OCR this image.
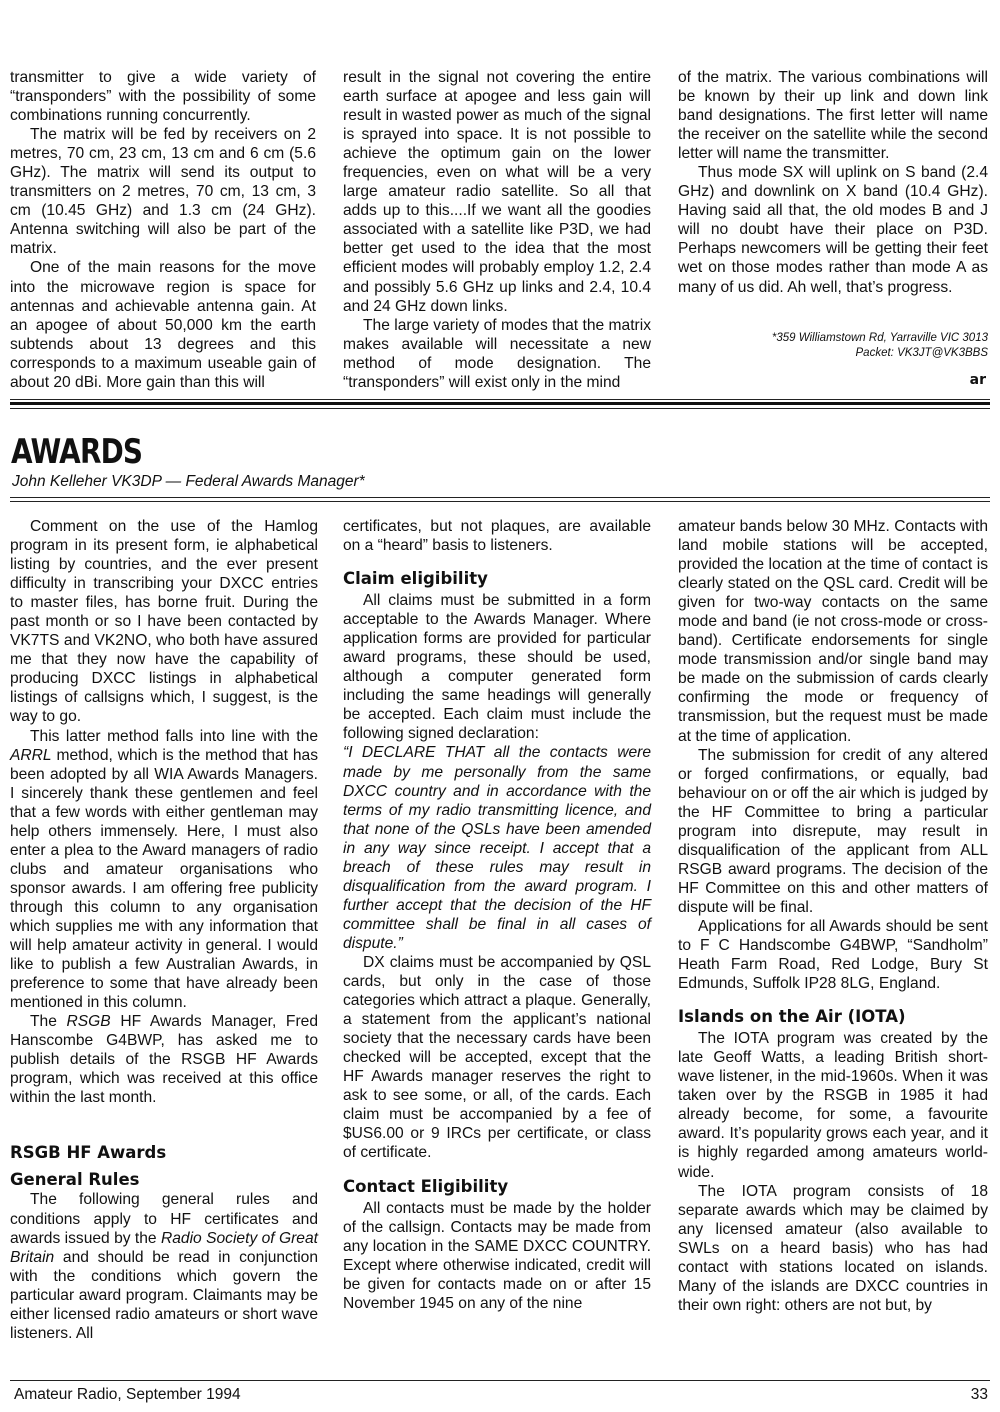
transmitter to give a wide variety of “transponders” with the possibility of some combinations running concurrently.

The matrix will be fed by receivers on 2 metres, 70 cm, 23 cm, 13 cm and 6 cm (5.6 GHz). The matrix will send its output to transmitters on 2 metres, 70 cm, 13 cm, 3 cm (10.45 GHz) and 1.3 cm (24 GHz). Antenna switching will also be part of the matrix.

One of the main reasons for the move into the microwave region is space for antennas and achievable antenna gain. At an apogee of about 50,000 km the earth subtends about 13 degrees and this corresponds to a maximum useable gain of about 20 dBi. More gain than this will

result in the signal not covering the entire earth surface at apogee and less gain will result in wasted power as much of the signal is sprayed into space. It is not possible to achieve the optimum gain on the lower frequencies, even on what will be a very large amateur radio satellite. So all that adds up to this....If we want all the goodies associated with a satellite like P3D, we had better get used to the idea that the most efficient modes will probably employ 1.2, 2.4 and possibly 5.6 GHz up links and 2.4, 10.4 and 24 GHz down links.

The large variety of modes that the matrix makes available will necessitate a new method of mode designation. The “transponders” will exist only in the mind

of the matrix. The various combinations will be known by their up link and down link band designations. The first letter will name the receiver on the satellite while the second letter will name the transmitter.

Thus mode SX will uplink on S band (2.4 GHz) and downlink on X band (10.4 GHz). Having said all that, the old modes B and J will no doubt have their place on P3D. Perhaps newcomers will be getting their feet wet on those modes rather than mode A as many of us did. Ah well, that’s progress.

*359 Williamstown Rd, Yarraville VIC 3013
Packet: VK3JT@VK3BBS
ar
AWARDS
John Kelleher VK3DP — Federal Awards Manager*

Comment on the use of the Hamlog program in its present form, ie alphabetical listing by countries, and the ever present difficulty in transcribing your DXCC entries to master files, has borne fruit. During the past month or so I have been contacted by VK7TS and VK2NO, who both have assured me that they now have the capability of producing DXCC listings in alphabetical listings of callsigns which, I suggest, is the way to go.

This latter method falls into line with the ARRL method, which is the method that has been adopted by all WIA Awards Managers. I sincerely thank these gentlemen and feel that a few words with either gentleman may help others immensely. Here, I must also enter a plea to the Award managers of radio clubs and amateur organisations who sponsor awards. I am offering free publicity through this column to any organisation which supplies me with any information that will help amateur activity in general. I would like to publish a few Australian Awards, in preference to some that have already been mentioned in this column.

The RSGB HF Awards Manager, Fred Hanscombe G4BWP, has asked me to publish details of the RSGB HF Awards program, which was received at this office within the last month.

RSGB HF Awards
General Rules

The following general rules and conditions apply to HF certificates and awards issued by the Radio Society of Great Britain and should be read in conjunction with the conditions which govern the particular award program. Claimants may be either licensed radio amateurs or short wave listeners. All

certificates, but not plaques, are available on a “heard” basis to listeners.

Claim eligibility

All claims must be submitted in a form acceptable to the Awards Manager. Where application forms are provided for particular award programs, these should be used, although a computer generated form including the same headings will generally be accepted. Each claim must include the following signed declaration:

“I DECLARE THAT all the contacts were made by me personally from the same DXCC country and in accordance with the terms of my radio transmitting licence, and that none of the QSLs have been amended in any way since receipt. I accept that a breach of these rules may result in disqualification from the award program. I further accept that the decision of the HF committee shall be final in all cases of dispute.”

DX claims must be accompanied by QSL cards, but only in the case of those categories which attract a plaque. Generally, a statement from the applicant’s national society that the necessary cards have been checked will be accepted, except that the HF Awards manager reserves the right to ask to see some, or all, of the cards. Each claim must be accompanied by a fee of $US6.00 or 9 IRCs per certificate, or class of certificate.

Contact Eligibility

All contacts must be made by the holder of the callsign. Contacts may be made from any location in the SAME DXCC COUNTRY. Except where otherwise indicated, credit will be given for contacts made on or after 15 November 1945 on any of the nine

amateur bands below 30 MHz. Contacts with land mobile stations will be accepted, provided the location at the time of contact is clearly stated on the QSL card. Credit will be given for two-way contacts on the same mode and band (ie not cross-mode or cross-band). Certificate endorsements for single mode transmission and/or single band may be made on the submission of cards clearly confirming the mode or frequency of transmission, but the request must be made at the time of application.

The submission for credit of any altered or forged confirmations, or equally, bad behaviour on or off the air which is judged by the HF Committee to bring a particular program into disrepute, may result in disqualification of the applicant from ALL RSGB award programs. The decision of the HF Committee on this and other matters of dispute will be final.

Applications for all Awards should be sent to F C Handscombe G4BWP, “Sandholm” Heath Farm Road, Red Lodge, Bury St Edmunds, Suffolk IP28 8LG, England.

Islands on the Air (IOTA)

The IOTA program was created by the late Geoff Watts, a leading British short-wave listener, in the mid-1960s. When it was taken over by the RSGB in 1985 it had already become, for some, a favourite award. It’s popularity grows each year, and it is highly regarded among amateurs world-wide.

The IOTA program consists of 18 separate awards which may be claimed by any licensed amateur (also available to SWLs on a heard basis) who has had contact with stations located on islands. Many of the islands are DXCC countries in their own right: others are not but, by

Amateur Radio, September 1994	33
